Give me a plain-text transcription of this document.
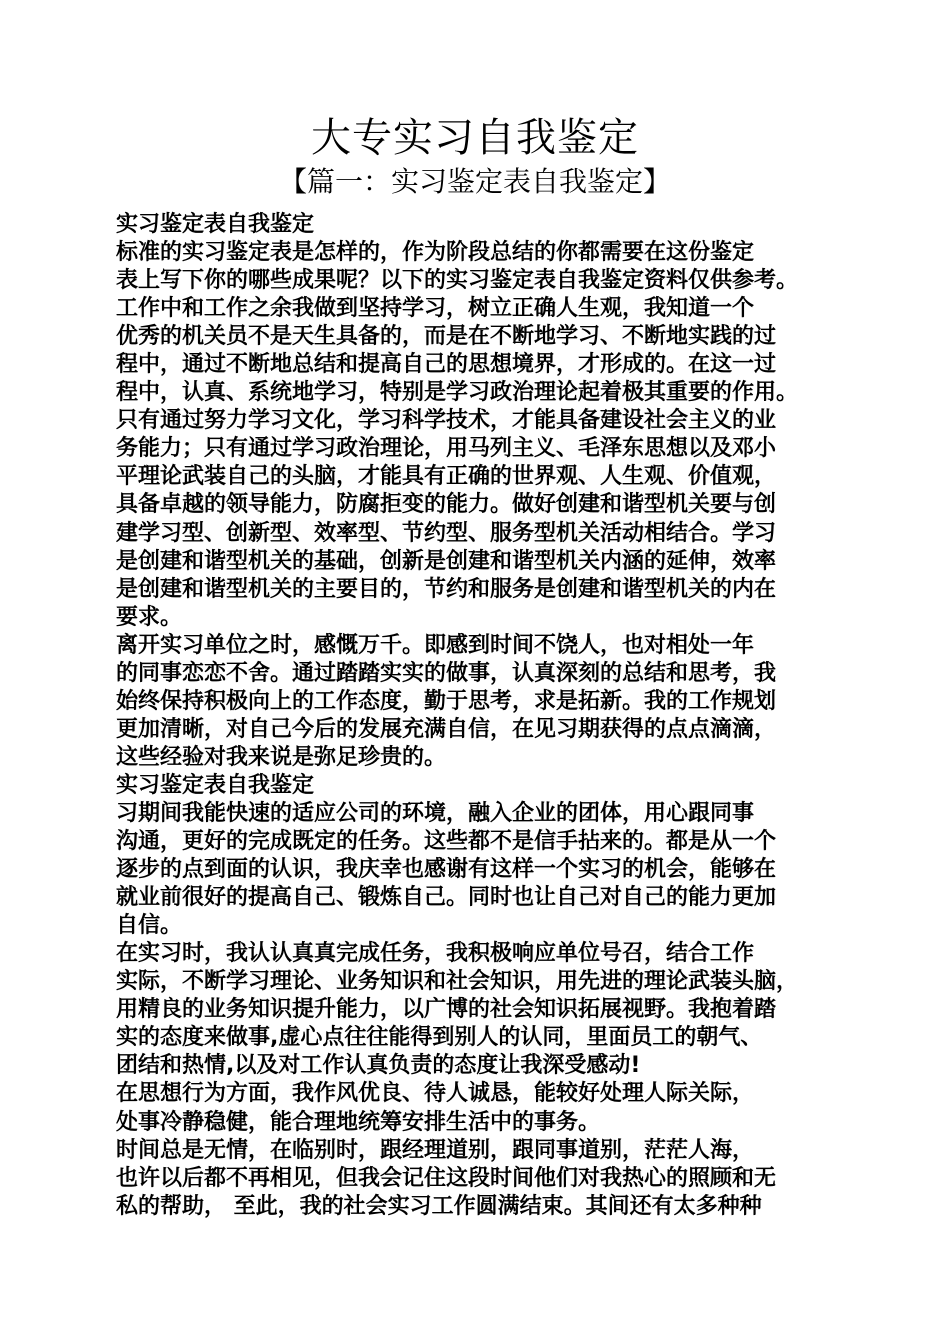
大专实习自我鉴定
【篇一：实习鉴定表自我鉴定】
实习鉴定表自我鉴定
标准的实习鉴定表是怎样的，作为阶段总结的你都需要在这份鉴定
表上写下你的哪些成果呢？以下的实习鉴定表自我鉴定资料仅供参考。
工作中和工作之余我做到坚持学习，树立正确人生观，我知道一个
优秀的机关员不是天生具备的，而是在不断地学习、不断地实践的过
程中，通过不断地总结和提高自己的思想境界，才形成的。在这一过
程中，认真、系统地学习，特别是学习政治理论起着极其重要的作用。
只有通过努力学习文化，学习科学技术，才能具备建设社会主义的业
务能力；只有通过学习政治理论，用马列主义、毛泽东思想以及邓小
平理论武装自己的头脑，才能具有正确的世界观、人生观、价值观，
具备卓越的领导能力，防腐拒变的能力。做好创建和谐型机关要与创
建学习型、创新型、效率型、节约型、服务型机关活动相结合。学习
是创建和谐型机关的基础，创新是创建和谐型机关内涵的延伸，效率
是创建和谐型机关的主要目的，节约和服务是创建和谐型机关的内在
要求。
离开实习单位之时，感慨万千。即感到时间不饶人，也对相处一年
的同事恋恋不舍。通过踏踏实实的做事，认真深刻的总结和思考，我
始终保持积极向上的工作态度，勤于思考，求是拓新。我的工作规划
更加清晰，对自己今后的发展充满自信，在见习期获得的点点滴滴，
这些经验对我来说是弥足珍贵的。
实习鉴定表自我鉴定
习期间我能快速的适应公司的环境，融入企业的团体，用心跟同事
沟通，更好的完成既定的任务。这些都不是信手拈来的。都是从一个
逐步的点到面的认识，我庆幸也感谢有这样一个实习的机会，能够在
就业前很好的提高自己、锻炼自己。同时也让自己对自己的能力更加
自信。
在实习时，我认认真真完成任务，我积极响应单位号召，结合工作
实际，不断学习理论、业务知识和社会知识，用先进的理论武装头脑，
用精良的业务知识提升能力，以广博的社会知识拓展视野。我抱着踏
实的态度来做事,虚心点往往能得到别人的认同，里面员工的朝气、
团结和热情,以及对工作认真负责的态度让我深受感动!
在思想行为方面，我作风优良、待人诚恳，能较好处理人际关际，
处事冷静稳健，能合理地统筹安排生活中的事务。
时间总是无情，在临别时，跟经理道别，跟同事道别，茫茫人海，
也许以后都不再相见，但我会记住这段时间他们对我热心的照顾和无
私的帮助， 至此，我的社会实习工作圆满结束。其间还有太多种种
